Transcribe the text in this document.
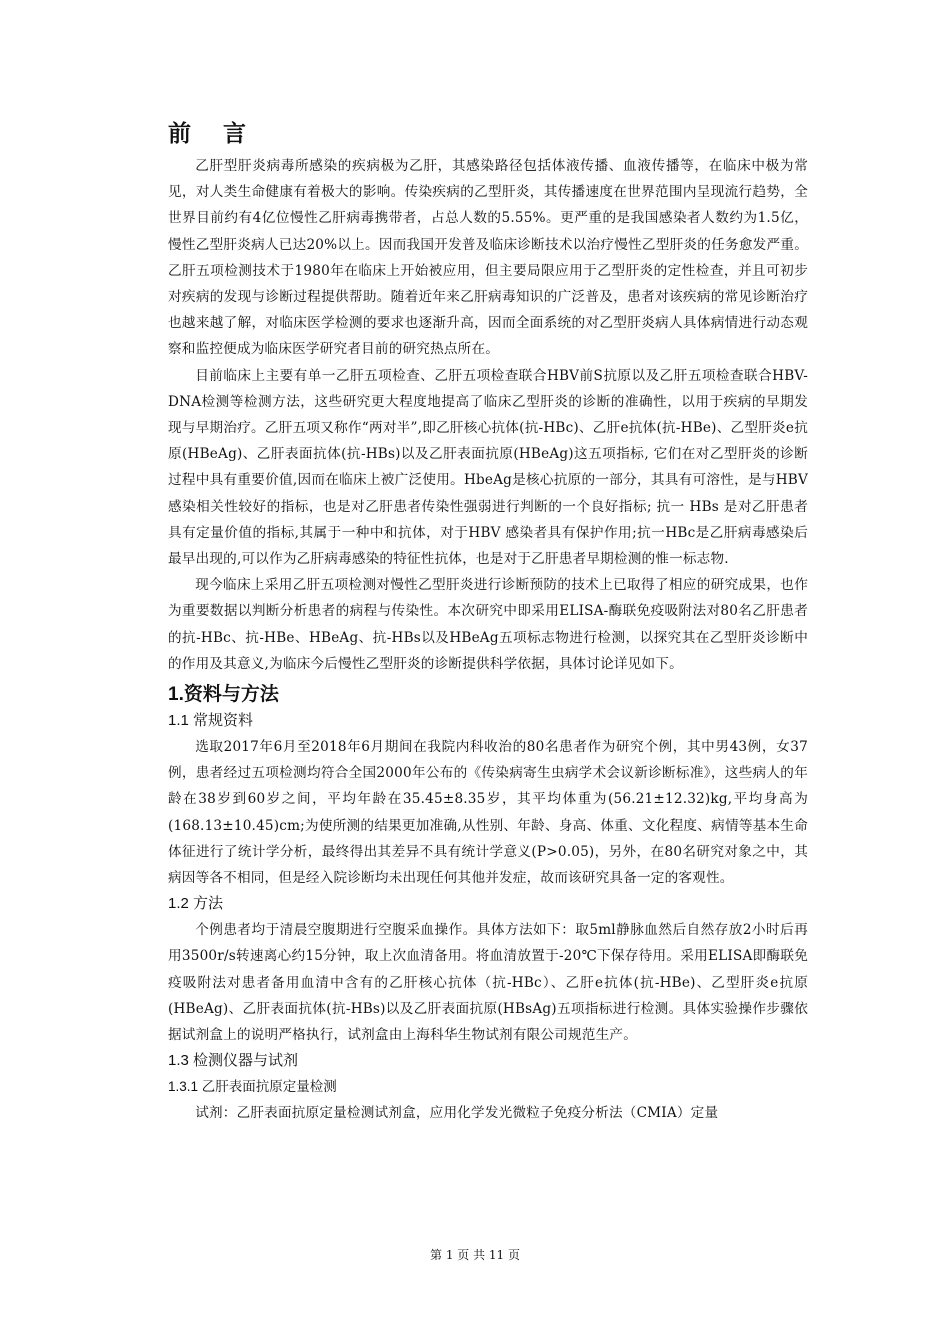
前 言

乙肝型肝炎病毒所感染的疾病极为乙肝，其感染路径包括体液传播、血液传播等，在临床中极为常见，对人类生命健康有着极大的影响。传染疾病的乙型肝炎，其传播速度在世界范围内呈现流行趋势，全世界目前约有4亿位慢性乙肝病毒携带者，占总人数的5.55%。更严重的是我国感染者人数约为1.5亿，慢性乙型肝炎病人已达20%以上。因而我国开发普及临床诊断技术以治疗慢性乙型肝炎的任务愈发严重。乙肝五项检测技术于1980年在临床上开始被应用，但主要局限应用于乙型肝炎的定性检查，并且可初步对疾病的发现与诊断过程提供帮助。随着近年来乙肝病毒知识的广泛普及，患者对该疾病的常见诊断治疗也越来越了解，对临床医学检测的要求也逐渐升高，因而全面系统的对乙型肝炎病人具体病情进行动态观察和监控便成为临床医学研究者目前的研究热点所在。

目前临床上主要有单一乙肝五项检查、乙肝五项检查联合HBV前S抗原以及乙肝五项检查联合HBV-DNA检测等检测方法，这些研究更大程度地提高了临床乙型肝炎的诊断的准确性，以用于疾病的早期发现与早期治疗。乙肝五项又称作“两对半”,即乙肝核心抗体(抗-HBc)、乙肝e抗体(抗-HBe)、乙型肝炎e抗原(HBeAg)、乙肝表面抗体(抗-HBs)以及乙肝表面抗原(HBeAg)这五项指标, 它们在对乙型肝炎的诊断过程中具有重要价值,因而在临床上被广泛使用。HbeAg是核心抗原的一部分，其具有可溶性，是与HBV感染相关性较好的指标，也是对乙肝患者传染性强弱进行判断的一个良好指标; 抗一 HBs 是对乙肝患者具有定量价值的指标,其属于一种中和抗体，对于HBV 感染者具有保护作用;抗一HBc是乙肝病毒感染后最早出现的,可以作为乙肝病毒感染的特征性抗体，也是对于乙肝患者早期检测的惟一标志物.

现今临床上采用乙肝五项检测对慢性乙型肝炎进行诊断预防的技术上已取得了相应的研究成果，也作为重要数据以判断分析患者的病程与传染性。本次研究中即采用ELISA-酶联免疫吸附法对80名乙肝患者的抗-HBc、抗-HBe、HBeAg、抗-HBs以及HBeAg五项标志物进行检测，以探究其在乙型肝炎诊断中的作用及其意义,为临床今后慢性乙型肝炎的诊断提供科学依据，具体讨论详见如下。

1.资料与方法
1.1 常规资料

选取2017年6月至2018年6月期间在我院内科收治的80名患者作为研究个例，其中男43例，女37例，患者经过五项检测均符合全国2000年公布的《传染病寄生虫病学术会议新诊断标准》，这些病人的年龄在38岁到60岁之间，平均年龄在35.45±8.35岁，其平均体重为(56.21±12.32)kg,平均身高为(168.13±10.45)cm;为使所测的结果更加准确,从性别、年龄、身高、体重、文化程度、病情等基本生命体征进行了统计学分析，最终得出其差异不具有统计学意义(P>0.05)，另外，在80名研究对象之中，其病因等各不相同，但是经入院诊断均未出现任何其他并发症，故而该研究具备一定的客观性。

1.2 方法

个例患者均于清晨空腹期进行空腹采血操作。具体方法如下：取5ml静脉血然后自然存放2小时后再用3500r/s转速离心约15分钟，取上次血清备用。将血清放置于-20℃下保存待用。采用ELISA即酶联免疫吸附法对患者备用血清中含有的乙肝核心抗体（抗-HBc）、乙肝e抗体(抗-HBe)、乙型肝炎e抗原(HBeAg)、乙肝表面抗体(抗-HBs)以及乙肝表面抗原(HBsAg)五项指标进行检测。具体实验操作步骤依据试剂盒上的说明严格执行，试剂盒由上海科华生物试剂有限公司规范生产。

1.3 检测仪器与试剂
1.3.1 乙肝表面抗原定量检测

试剂：乙肝表面抗原定量检测试剂盒，应用化学发光微粒子免疫分析法（CMIA）定量

第 1 页 共 11 页
